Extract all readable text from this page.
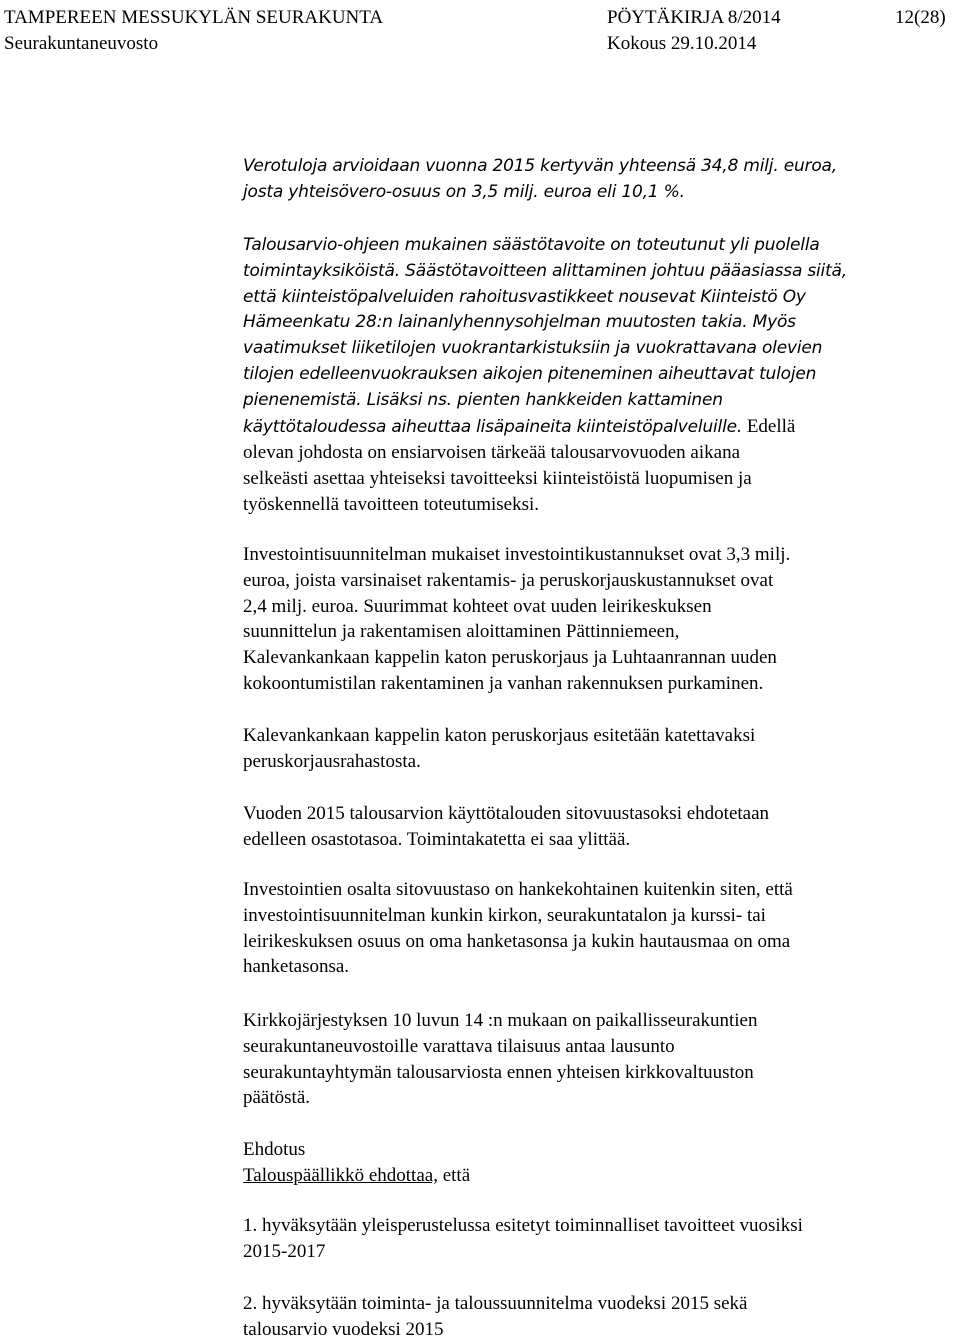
TAMPEREEN MESSUKYLÄN SEURAKUNTA
Seurakuntaneuvosto
PÖYTÄKIRJA 8/2014
Kokous 29.10.2014
12(28)
Verotuloja arvioidaan vuonna 2015 kertyvän yhteensä 34,8 milj. euroa,
josta yhteisövero-osuus on 3,5 milj. euroa eli 10,1 %.
Talousarvio-ohjeen mukainen säästötavoite on toteutunut yli puolella
toimintayksiköistä. Säästötavoitteen alittaminen johtuu pääasiassa siitä,
että kiinteistöpalveluiden rahoitusvastikkeet nousevat Kiinteistö Oy
Hämeenkatu 28:n lainanlyhennysohjelman muutosten takia. Myös
vaatimukset liiketilojen vuokrantarkistuksiin ja vuokrattavana olevien
tilojen edelleenvuokrauksen aikojen piteneminen aiheuttavat tulojen
pienenemistä. Lisäksi ns. pienten hankkeiden kattaminen
käyttötaloudessa aiheuttaa lisäpaineita kiinteistöpalveluille. Edellä
olevan johdosta on ensiarvoisen tärkeää talousarvovuoden aikana
selkeästi asettaa yhteiseksi tavoitteeksi kiinteistöistä luopumisen ja
työskennellä tavoitteen toteutumiseksi.
Investointisuunnitelman mukaiset investointikustannukset ovat 3,3 milj.
euroa, joista varsinaiset rakentamis- ja peruskorjauskustannukset ovat
2,4 milj. euroa. Suurimmat kohteet ovat uuden leirikeskuksen
suunnittelun ja rakentamisen aloittaminen Pättinniemeen,
Kalevankankaan kappelin katon peruskorjaus ja Luhtaanrannan uuden
kokoontumistilan rakentaminen ja vanhan rakennuksen purkaminen.
Kalevankankaan kappelin katon peruskorjaus esitetään katettavaksi
peruskorjausrahastosta.
Vuoden 2015 talousarvion käyttötalouden sitovuustasoksi ehdotetaan
edelleen osastotasoa. Toimintakatetta ei saa ylittää.
Investointien osalta sitovuustaso on hankekohtainen kuitenkin siten, että
investointisuunnitelman kunkin kirkon, seurakuntatalon ja kurssi- tai
leirikeskuksen osuus on oma hanketasonsa ja kukin hautausmaa on oma
hanketasonsa.
Kirkkojärjestyksen 10 luvun 14 :n mukaan on paikallisseurakuntien
seurakuntaneuvostoille varattava tilaisuus antaa lausunto
seurakuntayhtymän talousarviosta ennen yhteisen kirkkovaltuuston
päätöstä.
Ehdotus
Talouspäällikkö ehdottaa, että
1. hyväksytään yleisperustelussa esitetyt toiminnalliset tavoitteet vuosiksi
2015-2017
2. hyväksytään toiminta- ja taloussuunnitelma vuodeksi 2015 sekä
talousarvio vuodeksi 2015
